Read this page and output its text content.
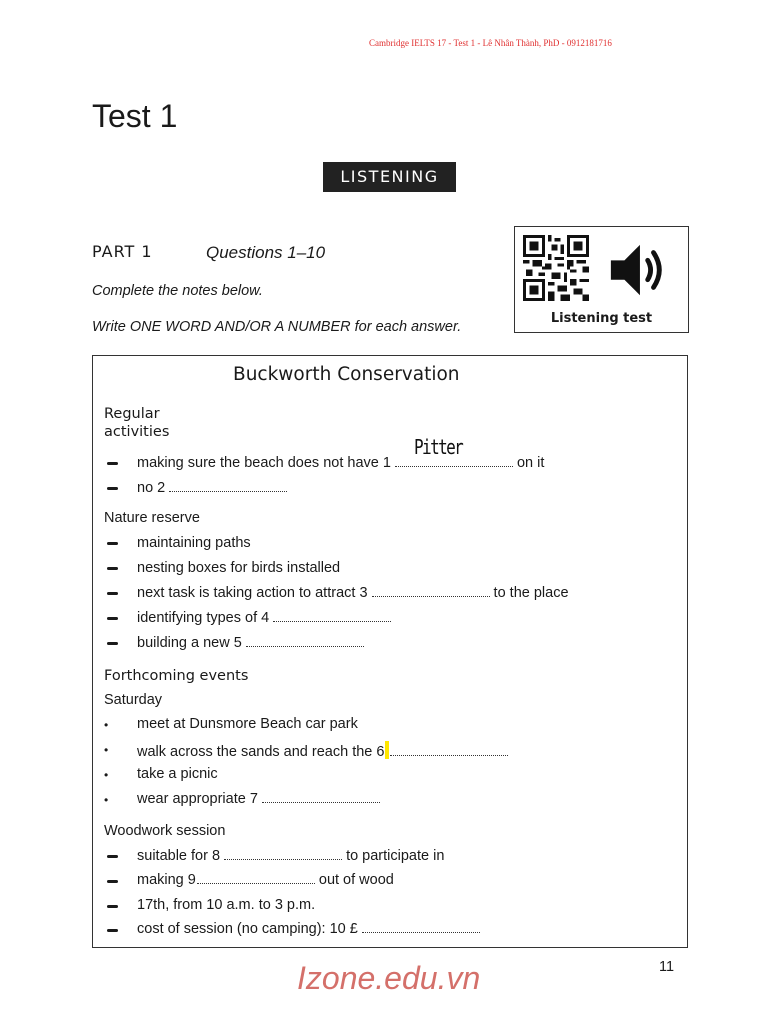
Cambridge IELTS 17 - Test 1 - Lê Nhân Thành, PhD - 0912181716
Test 1
LISTENING
PART 1	Questions 1–10
Complete the notes below.
Write ONE WORD AND/OR A NUMBER for each answer.
Listening test
Buckworth Conservation
Regular
activities
making sure the beach does not have 1	on it
Pitter
no 2
Nature reserve
maintaining paths
nesting boxes for birds installed
next task is taking action to attract 3	to the place
identifying types of 4
building a new 5
Forthcoming events
Saturday
• meet at Dunsmore Beach car park
• walk across the sands and reach the 6
• take a picnic
• wear appropriate 7
Woodwork session
suitable for 8	to participate in
making 9	out of wood
17th, from 10 a.m. to 3 p.m.
cost of session (no camping): 10 £
11
Izone.edu.vn
